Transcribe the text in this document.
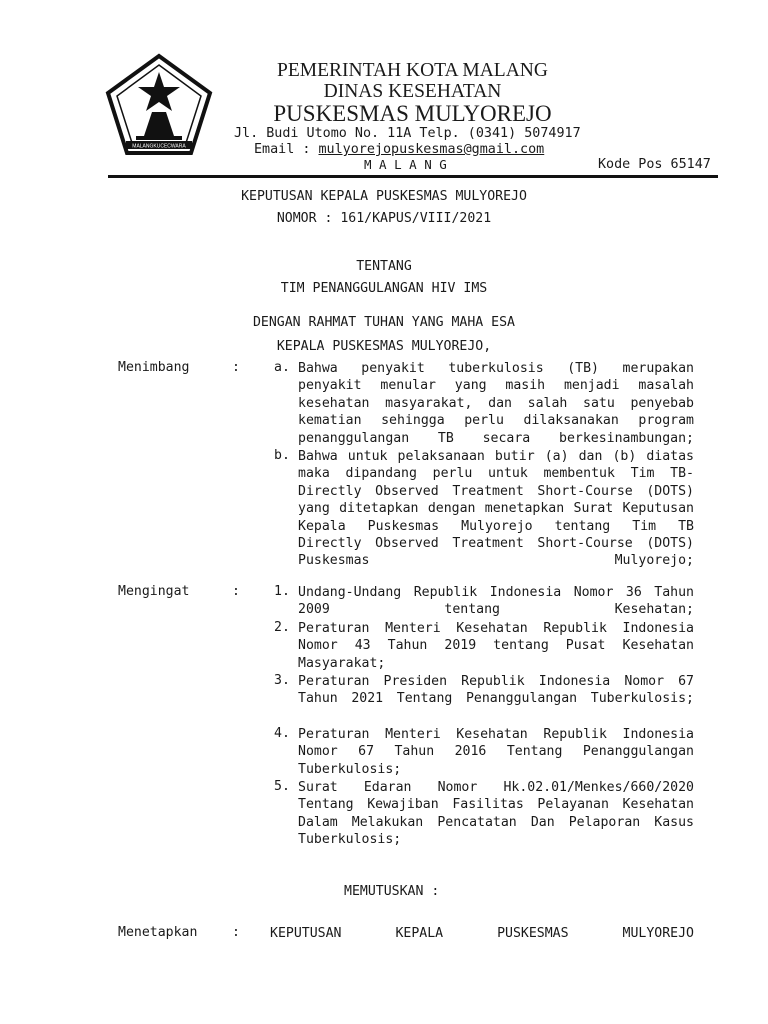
MALANGKUCECWARA
PEMERINTAH KOTA MALANG
DINAS KESEHATAN
PUSKESMAS MULYOREJO
Jl. Budi Utomo No. 11A Telp. (0341) 5074917
Email : mulyorejopuskesmas@gmail.com
M A L A N G	Kode Pos 65147
KEPUTUSAN KEPALA PUSKESMAS MULYOREJO
NOMOR : 161/KAPUS/VIII/2021
TENTANG
TIM PENANGGULANGAN HIV IMS
DENGAN RAHMAT TUHAN YANG MAHA ESA
KEPALA PUSKESMAS MULYOREJO,
Menimbang	:	a. Bahwa penyakit tuberkulosis (TB) merupakan penyakit menular yang masih menjadi masalah kesehatan masyarakat, dan salah satu penyebab kematian sehingga perlu dilaksanakan program penanggulangan TB secara berkesinambungan;

b. Bahwa untuk pelaksanaan butir (a) dan (b) diatas maka dipandang perlu untuk membentuk Tim TB-Directly Observed Treatment Short-Course (DOTS) yang ditetapkan dengan menetapkan Surat Keputusan Kepala Puskesmas Mulyorejo tentang Tim TB Directly Observed Treatment Short-Course (DOTS) Puskesmas Mulyorejo;

Mengingat	:	1. Undang-Undang Republik Indonesia Nomor 36 Tahun 2009 tentang Kesehatan;

2. Peraturan Menteri Kesehatan Republik Indonesia Nomor 43 Tahun 2019 tentang Pusat Kesehatan Masyarakat;

3. Peraturan Presiden Republik Indonesia Nomor 67 Tahun 2021 Tentang Penanggulangan Tuberkulosis;

4. Peraturan Menteri Kesehatan Republik Indonesia Nomor 67 Tahun 2016 Tentang Penanggulangan Tuberkulosis;

5. Surat Edaran Nomor Hk.02.01/Menkes/660/2020 Tentang Kewajiban Fasilitas Pelayanan Kesehatan Dalam Melakukan Pencatatan Dan Pelaporan Kasus Tuberkulosis;

MEMUTUSKAN :
Menetapkan	: KEPUTUSAN KEPALA PUSKESMAS MULYOREJO
